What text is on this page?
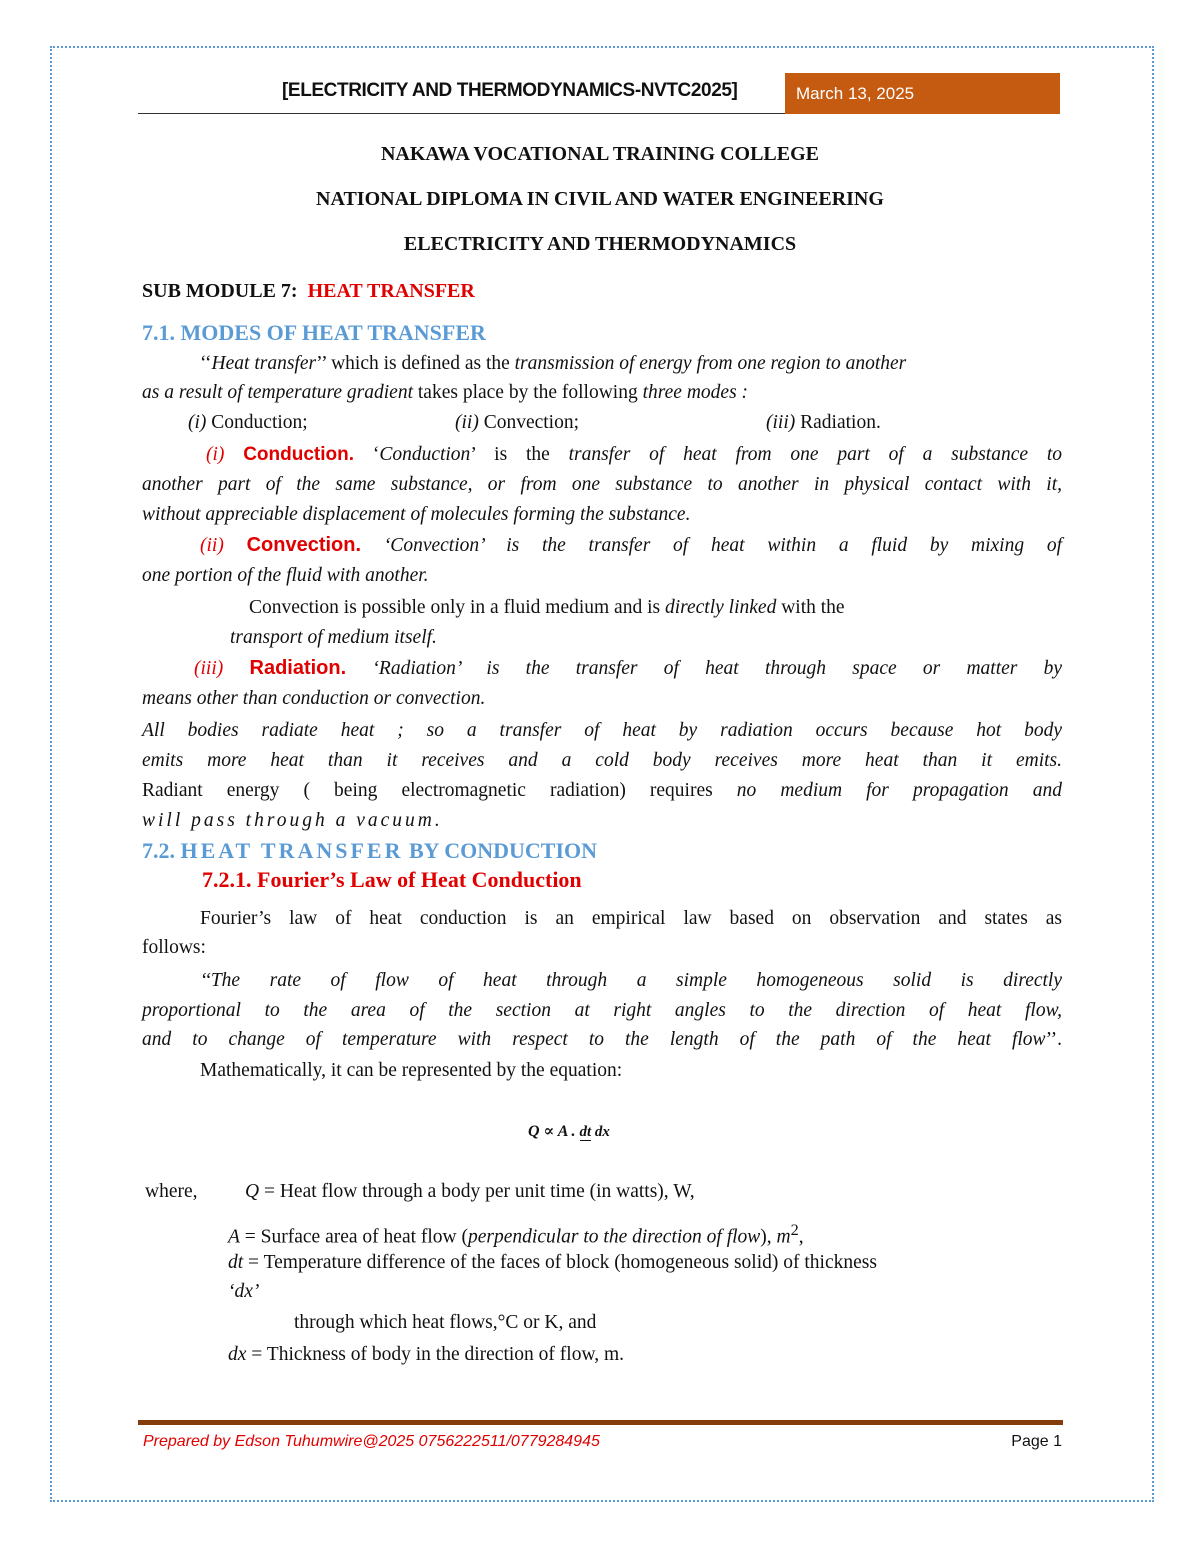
[ELECTRICITY AND THERMODYNAMICS-NVTC2025]	March 13, 2025
NAKAWA VOCATIONAL TRAINING COLLEGE
NATIONAL DIPLOMA IN CIVIL AND WATER ENGINEERING
ELECTRICITY AND THERMODYNAMICS
SUB MODULE 7: HEAT TRANSFER
7.1. MODES OF HEAT TRANSFER
‘‘Heat transfer’’ which is defined as the transmission of energy from one region to another
as a result of temperature gradient takes place by the following three modes :
(i) Conduction;	(ii) Convection;	(iii) Radiation.
(i) Conduction. ‘Conduction’ is the transfer of heat from one part of a substance to
another part of the same substance, or from one substance to another in physical contact with it,
without appreciable displacement of molecules forming the substance.
(ii) Convection. ‘Convection’ is the transfer of heat within a fluid by mixing of
one portion of the fluid with another.
Convection is possible only in a fluid medium and is directly linked with the
transport of medium itself.
(iii) Radiation. ‘Radiation’ is the transfer of heat through space or matter by
means other than conduction or convection.
All bodies radiate heat ; so a transfer of heat by radiation occurs because hot body
emits more heat than it receives and a cold body receives more heat than it emits.
Radiant energy ( being electromagnetic radiation) requires no medium for propagation and
will pass through a vacuum.
7.2. HEAT TRANSFER BY CONDUCTION
7.2.1. Fourier’s Law of Heat Conduction
Fourier’s law of heat conduction is an empirical law based on observation and states as
follows:
‘‘The rate of flow of heat through a simple homogeneous solid is directly
proportional to the area of the section at right angles to the direction of heat flow,
and to change of temperature with respect to the length of the path of the heat flow’’.
Mathematically, it can be represented by the equation:
Q ∝ A . dt dx
where, Q = Heat flow through a body per unit time (in watts), W,
A = Surface area of heat flow (perpendicular to the direction of flow), $m^2$,
dt = Temperature difference of the faces of block (homogeneous solid) of thickness
‘dx’
through which heat flows,°C or K, and
dx = Thickness of body in the direction of flow, m.
Prepared by Edson Tuhumwire@2025 0756222511/0779284945	Page 1
